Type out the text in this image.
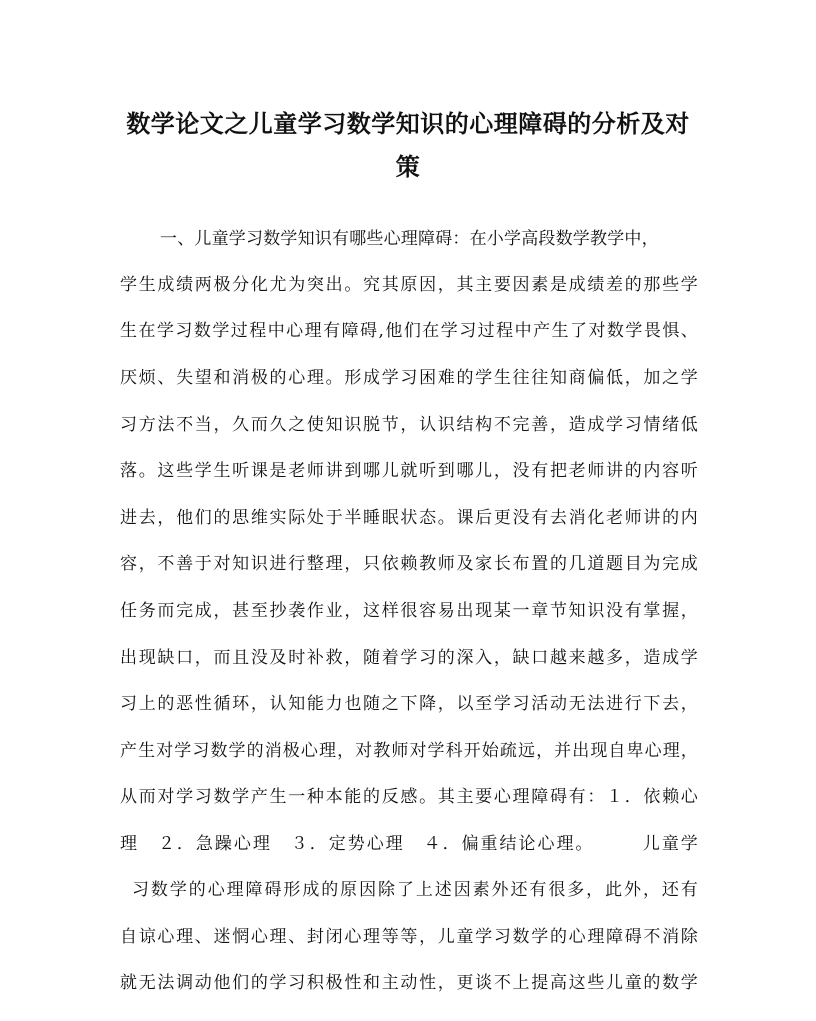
数学论文之儿童学习数学知识的心理障碍的分析及对
策
一、儿童学习数学知识有哪些心理障碍：在小学高段数学教学中，
学生成绩两极分化尤为突出。究其原因，其主要因素是成绩差的那些学
生在学习数学过程中心理有障碍,他们在学习过程中产生了对数学畏惧、
厌烦、失望和消极的心理。形成学习困难的学生往往知商偏低，加之学
习方法不当，久而久之使知识脱节，认识结构不完善，造成学习情绪低
落。这些学生听课是老师讲到哪儿就听到哪儿，没有把老师讲的内容听
进去，他们的思维实际处于半睡眠状态。课后更没有去消化老师讲的内
容，不善于对知识进行整理，只依赖教师及家长布置的几道题目为完成
任务而完成，甚至抄袭作业，这样很容易出现某一章节知识没有掌握，
出现缺口，而且没及时补救，随着学习的深入，缺口越来越多，造成学
习上的恶性循环，认知能力也随之下降，以至学习活动无法进行下去，
产生对学习数学的消极心理，对教师对学科开始疏远，并出现自卑心理，
从而对学习数学产生一种本能的反感。其主要心理障碍有：１．依赖心
理　２．急躁心理　３．定势心理　４．偏重结论心理。　　　儿童学
习数学的心理障碍形成的原因除了上述因素外还有很多，此外，还有
自谅心理、迷惘心理、封闭心理等等，儿童学习数学的心理障碍不消除
就无法调动他们的学习积极性和主动性，更谈不上提高这些儿童的数学
